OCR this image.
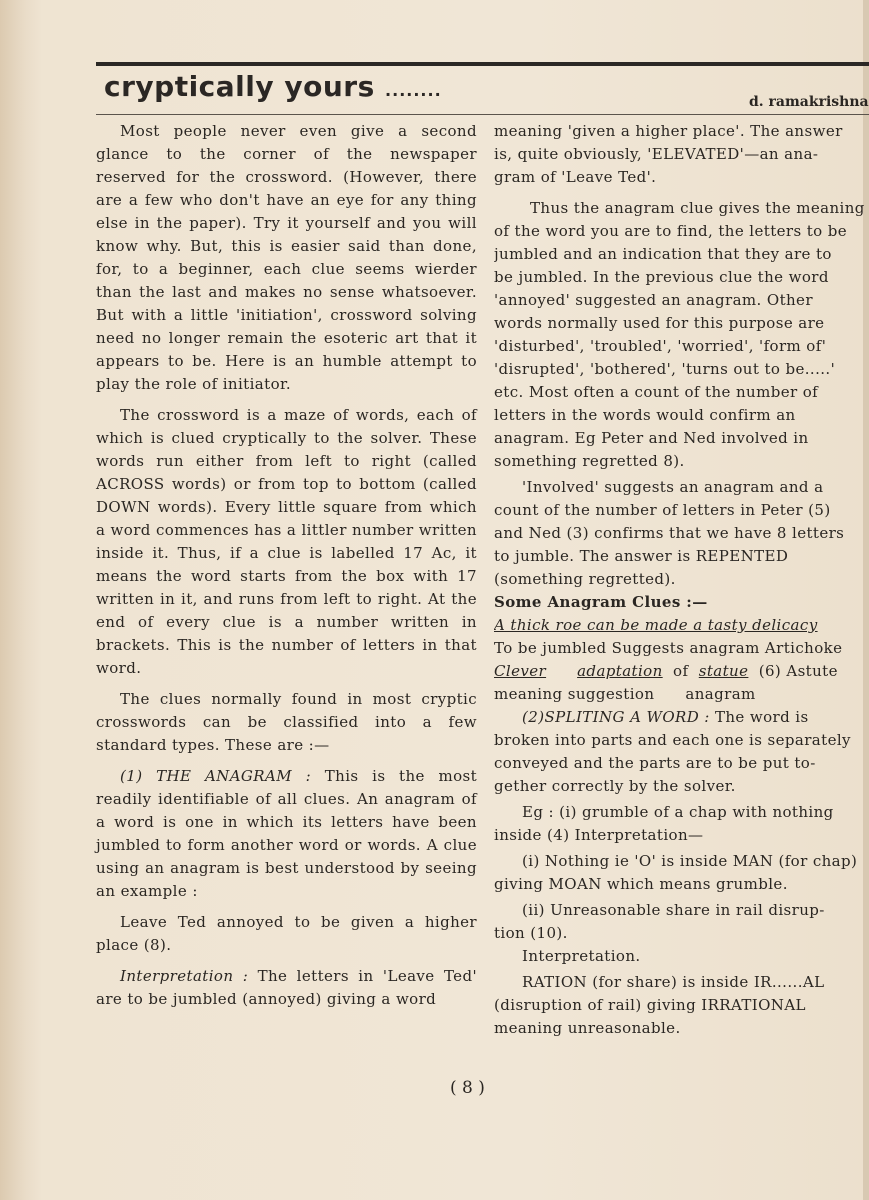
cryptically yours ........
d. ramakrishna

Most people never even give a second glance to the corner of the newspaper reserved for the crossword. (However, there are a few who don't have an eye for any thing else in the paper). Try it yourself and you will know why. But, this is easier said than done, for, to a beginner, each clue seems wierder than the last and makes no sense whatsoever. But with a little 'initiation', crossword solving need no longer remain the esoteric art that it appears to be. Here is an humble attempt to play the role of initiator.

The crossword is a maze of words, each of which is clued cryptically to the solver. These words run either from left to right (called ACROSS words) or from top to bottom (called DOWN words). Every little square from which a word commences has a littler number written inside it. Thus, if a clue is labelled 17 Ac, it means the word starts from the box with 17 written in it, and runs from left to right. At the end of every clue is a number written in brackets. This is the number of letters in that word.

The clues normally found in most cryptic crosswords can be classified into a few standard types. These are :—

(1) THE ANAGRAM : This is the most readily identifiable of all clues. An anagram of a word is one in which its letters have been jumbled to form another word or words. A clue using an anagram is best understood by seeing an example :

Leave Ted annoyed to be given a higher place (8).

Interpretation : The letters in 'Leave Ted' are to be jumbled (annoyed) giving a word

meaning 'given a higher place'. The answer
is, quite obviously, 'ELEVATED'—an ana-
gram of 'Leave Ted'.
Thus the anagram clue gives the meaning
of the word you are to find, the letters to be
jumbled and an indication that they are to
be jumbled. In the previous clue the word
'annoyed' suggested an anagram. Other
words normally used for this purpose are
'disturbed', 'troubled', 'worried', 'form of'
'disrupted', 'bothered', 'turns out to be.....'
etc. Most often a count of the number of
letters in the words would confirm an
anagram. Eg Peter and Ned involved in
something regretted 8).
'Involved' suggests an anagram and a
count of the number of letters in Peter (5)
and Ned (3) confirms that we have 8 letters
to jumble. The answer is REPENTED
(something regretted).
Some Anagram Clues :—
A thick roe can be made a tasty delicacy
To be jumbled Suggests anagram Artichoke
Clever adaptation of statue (6) Astute
meaning suggestion      anagram
(2)SPLITING A WORD : The word is
broken into parts and each one is separately
conveyed and the parts are to be put to-
gether correctly by the solver.
Eg : (i) grumble of a chap with nothing
inside (4) Interpretation—
(i) Nothing ie 'O' is inside MAN (for chap)
giving MOAN which means grumble.
(ii) Unreasonable share in rail disrup-
tion (10).
Interpretation.
RATION (for share) is inside IR......AL
(disruption of rail) giving IRRATIONAL
meaning unreasonable.
( 8 )
